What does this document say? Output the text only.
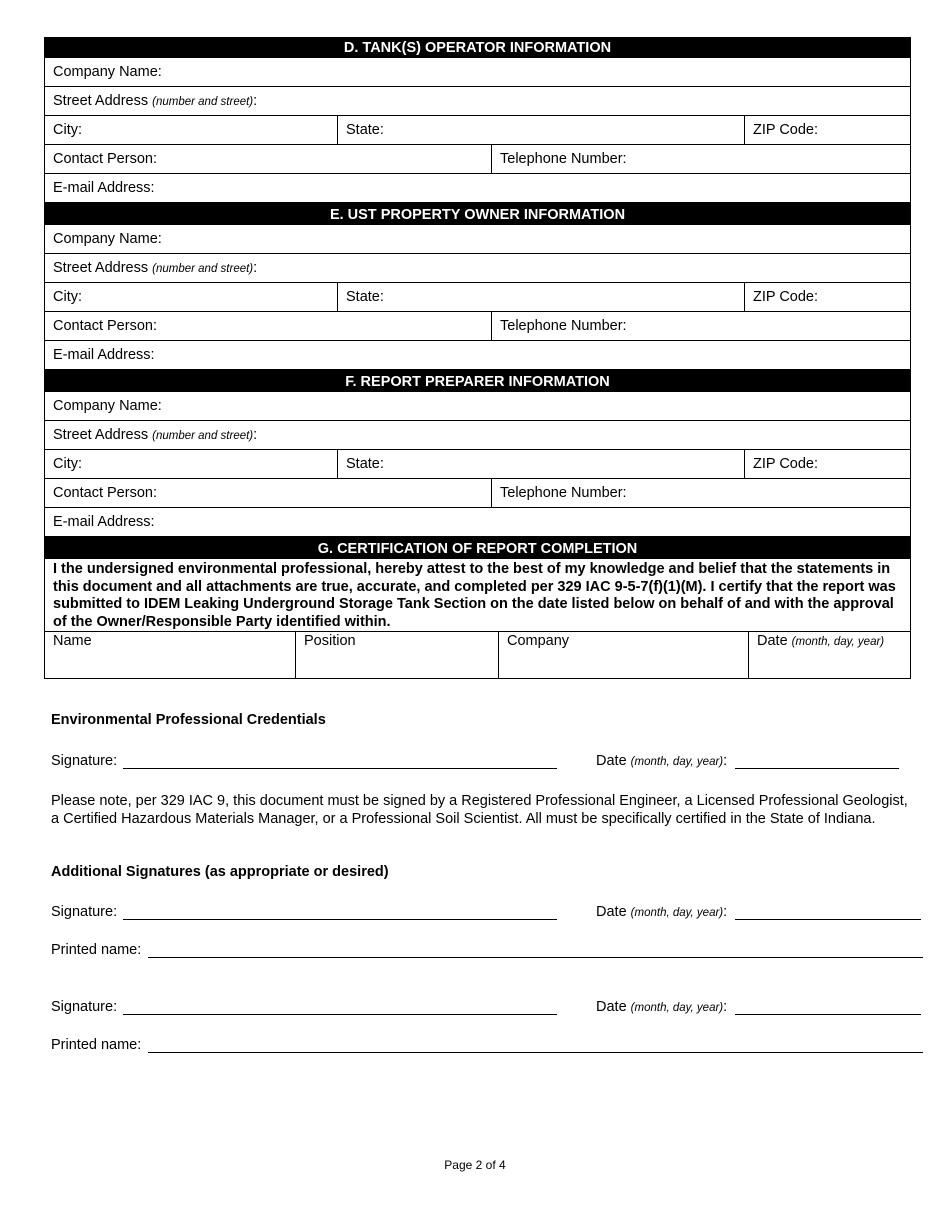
D. TANK(S) OPERATOR INFORMATION
Company Name:
Street Address (number and street):
City:	State:	ZIP Code:
Contact Person:	Telephone Number:
E-mail Address:
E. UST PROPERTY OWNER INFORMATION
Company Name:
Street Address (number and street):
City:	State:	ZIP Code:
Contact Person:	Telephone Number:
E-mail Address:
F. REPORT PREPARER INFORMATION
Company Name:
Street Address (number and street):
City:	State:	ZIP Code:
Contact Person:	Telephone Number:
E-mail Address:
G. CERTIFICATION OF REPORT COMPLETION
I the undersigned environmental professional, hereby attest to the best of my knowledge and belief that the statements in this document and all attachments are true, accurate, and completed per 329 IAC 9-5-7(f)(1)(M). I certify that the report was submitted to IDEM Leaking Underground Storage Tank Section on the date listed below on behalf of and with the approval of the Owner/Responsible Party identified within.
Name	Position	Company	Date (month, day, year)
Environmental Professional Credentials
Signature:	Date (month, day, year):
Please note, per 329 IAC 9, this document must be signed by a Registered Professional Engineer, a Licensed Professional Geologist, a Certified Hazardous Materials Manager, or a Professional Soil Scientist. All must be specifically certified in the State of Indiana.
Additional Signatures (as appropriate or desired)
Signature:	Date (month, day, year):
Printed name:
Signature:	Date (month, day, year):
Printed name:
Page 2 of 4
